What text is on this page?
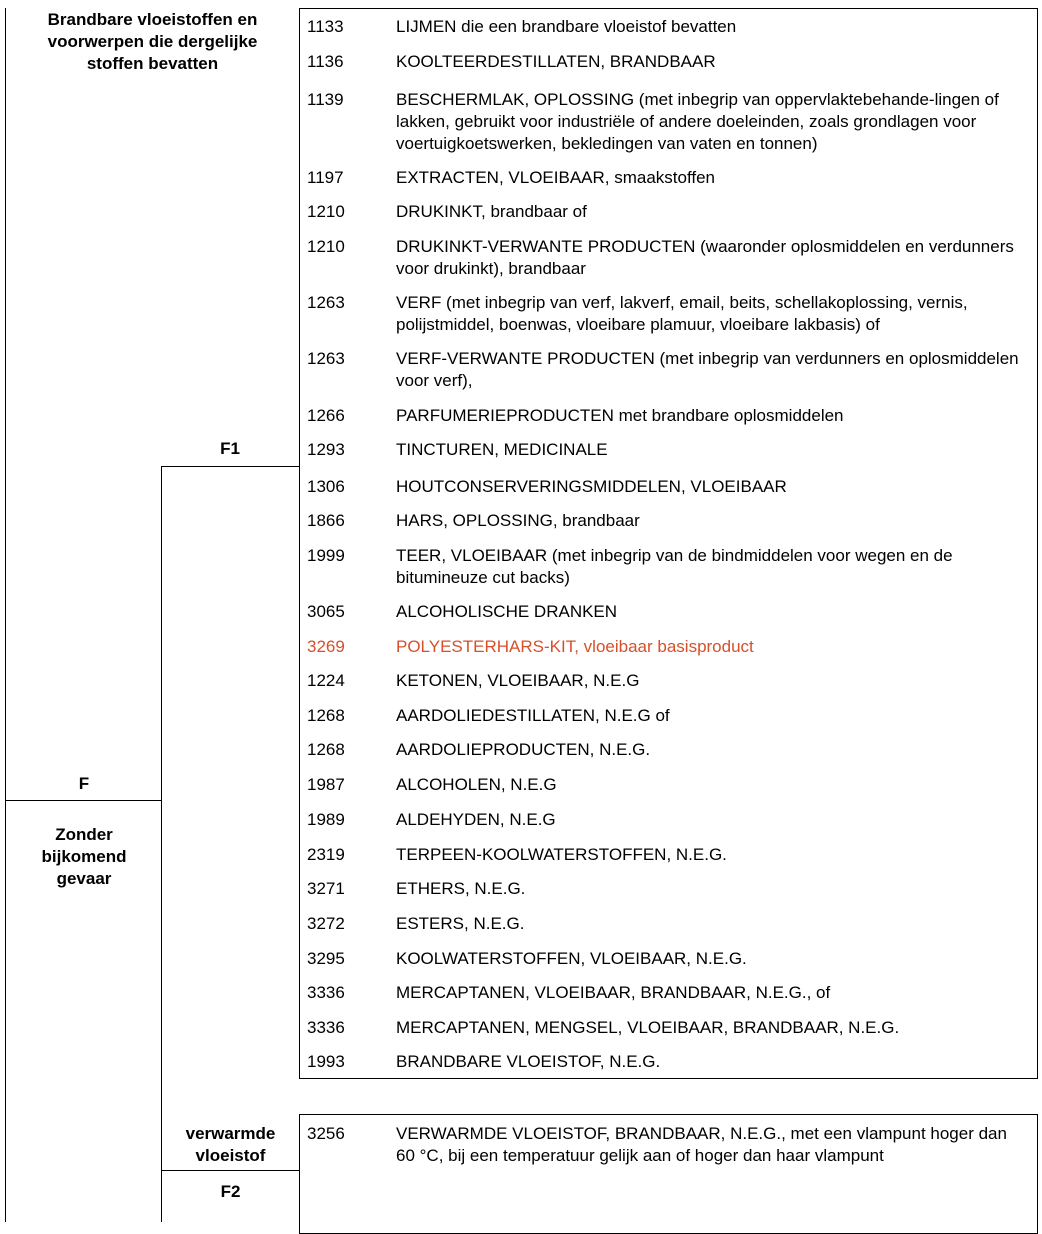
Brandbare vloeistoffen en
voorwerpen die dergelijke
stoffen bevatten
F1
F
Zonder
bijkomend
gevaar
verwarmde
vloeistof
F2
1133	LIJMEN die een brandbare vloeistof bevatten
1136	KOOLTEERDESTILLATEN, BRANDBAAR
1139	BESCHERMLAK, OPLOSSING (met inbegrip van oppervlaktebehande-lingen of lakken, gebruikt voor industriële of andere doeleinden, zoals grondlagen voor voertuigkoetswerken, bekledingen van vaten en tonnen)
1197	EXTRACTEN, VLOEIBAAR, smaakstoffen
1210	DRUKINKT, brandbaar of
1210	DRUKINKT-VERWANTE PRODUCTEN (waaronder oplosmiddelen en verdunners voor drukinkt), brandbaar
1263	VERF (met inbegrip van verf, lakverf, email, beits, schellakoplossing, vernis, polijstmiddel, boenwas, vloeibare plamuur, vloeibare lakbasis) of
1263	VERF-VERWANTE PRODUCTEN (met inbegrip van verdunners en oplosmiddelen voor verf),
1266	PARFUMERIEPRODUCTEN met brandbare oplosmiddelen
1293	TINCTUREN, MEDICINALE
1306	HOUTCONSERVERINGSMIDDELEN, VLOEIBAAR
1866	HARS, OPLOSSING, brandbaar
1999	TEER, VLOEIBAAR (met inbegrip van de bindmiddelen voor wegen en de bitumineuze cut backs)
3065	ALCOHOLISCHE DRANKEN
3269	POLYESTERHARS-KIT, vloeibaar basisproduct
1224	KETONEN, VLOEIBAAR, N.E.G
1268	AARDOLIEDESTILLATEN, N.E.G of
1268	AARDOLIEPRODUCTEN, N.E.G.
1987	ALCOHOLEN, N.E.G
1989	ALDEHYDEN, N.E.G
2319	TERPEEN-KOOLWATERSTOFFEN, N.E.G.
3271	ETHERS, N.E.G.
3272	ESTERS, N.E.G.
3295	KOOLWATERSTOFFEN, VLOEIBAAR, N.E.G.
3336	MERCAPTANEN, VLOEIBAAR, BRANDBAAR, N.E.G., of
3336	MERCAPTANEN, MENGSEL, VLOEIBAAR, BRANDBAAR, N.E.G.
1993	BRANDBARE VLOEISTOF, N.E.G.
3256	VERWARMDE VLOEISTOF, BRANDBAAR, N.E.G., met een vlampunt hoger dan 60 °C, bij een temperatuur gelijk aan of hoger dan haar vlampunt
